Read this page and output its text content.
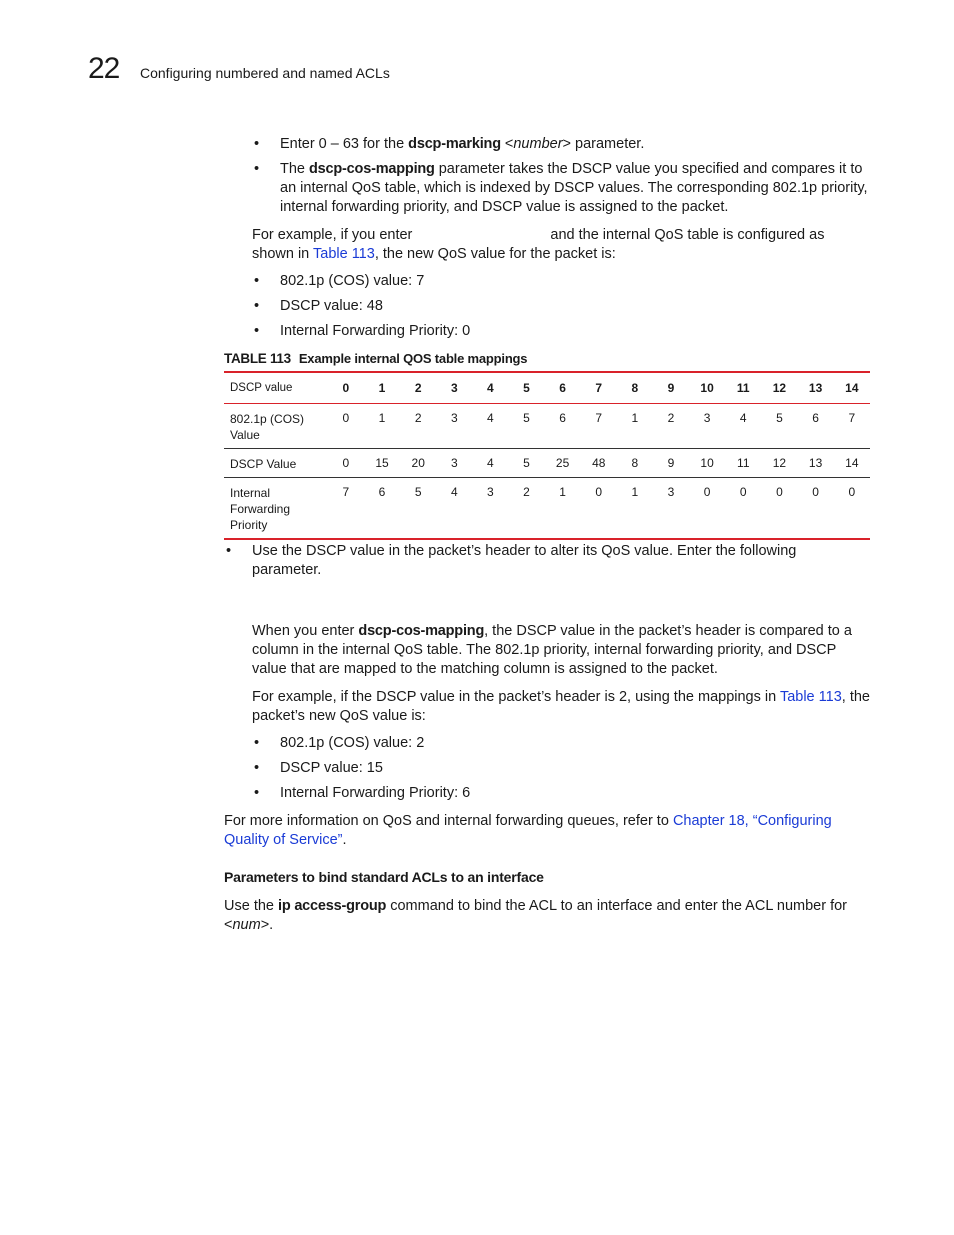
22 Configuring numbered and named ACLs
• Enter 0 – 63 for the dscp-marking <number> parameter.
• The dscp-cos-mapping parameter takes the DSCP value you specified and compares it to an internal QoS table, which is indexed by DSCP values. The corresponding 802.1p priority, internal forwarding priority, and DSCP value is assigned to the packet.
For example, if you enter	and the internal QoS table is configured as
shown in Table 113, the new QoS value for the packet is:
• 802.1p (COS) value: 7
• DSCP value: 48
• Internal Forwarding Priority: 0
TABLE 113 Example internal QOS table mappings
DSCP value	0	1	2	3	4	5	6	7	8	9	10	11	12	13	14
802.1p (COS) Value	0	1	2	3	4	5	6	7	1	2	3	4	5	6	7
DSCP Value	0	15	20	3	4	5	25	48	8	9	10	11	12	13	14
Internal Forwarding Priority	7	6	5	4	3	2	1	0	1	3	0	0	0	0	0
• Use the DSCP value in the packet’s header to alter its QoS value. Enter the following parameter.
When you enter dscp-cos-mapping, the DSCP value in the packet’s header is compared to a column in the internal QoS table. The 802.1p priority, internal forwarding priority, and DSCP value that are mapped to the matching column is assigned to the packet.
For example, if the DSCP value in the packet’s header is 2, using the mappings in Table 113, the packet’s new QoS value is:
• 802.1p (COS) value: 2
• DSCP value: 15
• Internal Forwarding Priority: 6
For more information on QoS and internal forwarding queues, refer to Chapter 18, “Configuring Quality of Service”.
Parameters to bind standard ACLs to an interface
Use the ip access-group command to bind the ACL to an interface and enter the ACL number for <num>.
